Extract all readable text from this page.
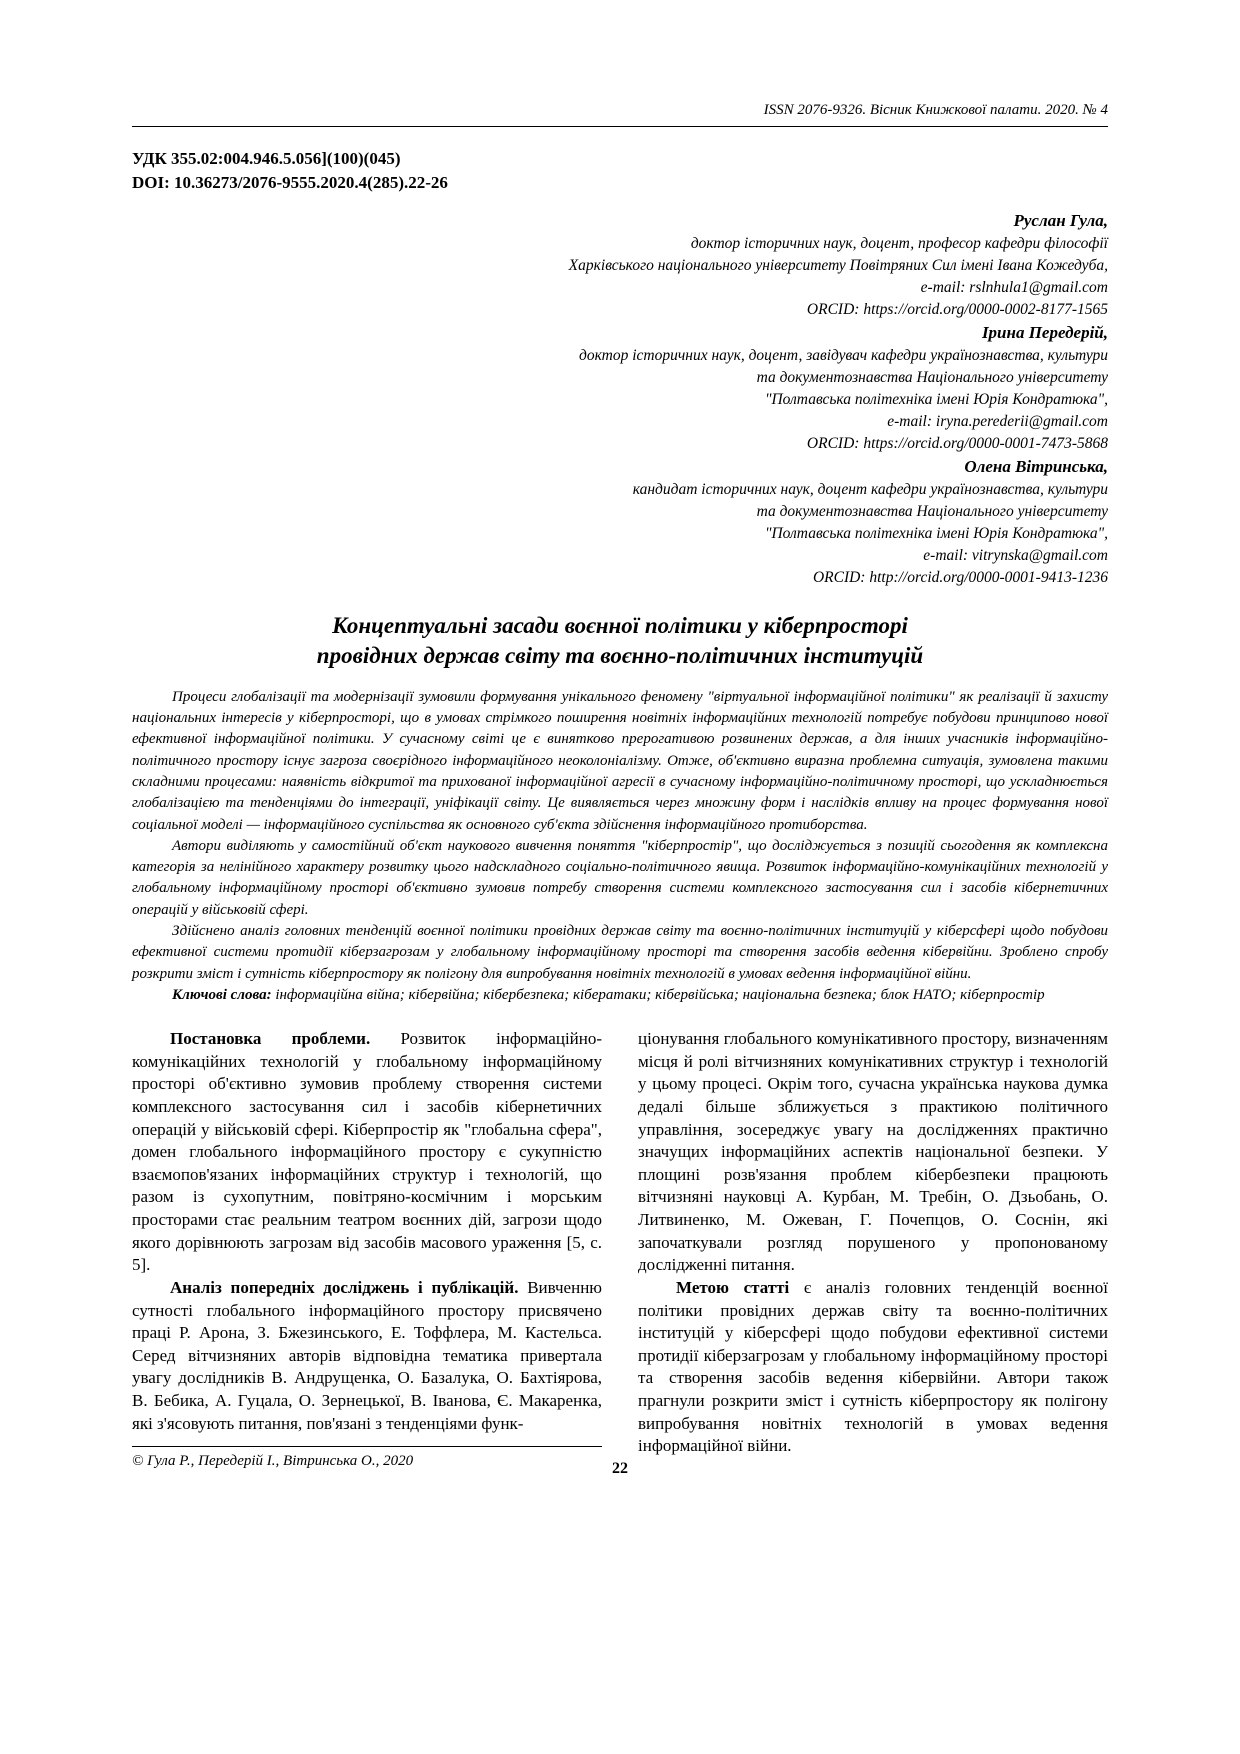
ISSN 2076-9326. Вісник Книжкової палати. 2020. № 4
УДК 355.02:004.946.5.056](100)(045)
DOI: 10.36273/2076-9555.2020.4(285).22-26
Руслан Гула,
доктор історичних наук, доцент, професор кафедри філософії
Харківського національного університету Повітряних Сил імені Івана Кожедуба,
e-mail: rslnhula1@gmail.com
ORCID: https://orcid.org/0000-0002-8177-1565
Ірина Передерій,
доктор історичних наук, доцент, завідувач кафедри українознавства, культури
та документознавства Національного університету
"Полтавська політехніка імені Юрія Кондратюка",
e-mail: iryna.perederii@gmail.com
ORCID: https://orcid.org/0000-0001-7473-5868
Олена Вітринська,
кандидат історичних наук, доцент кафедри українознавства, культури
та документознавства Національного університету
"Полтавська політехніка імені Юрія Кондратюка",
e-mail: vitrynska@gmail.com
ORCID: http://orcid.org/0000-0001-9413-1236
Концептуальні засади воєнної політики у кіберпросторі
провідних держав світу та воєнно-політичних інституцій

Процеси глобалізації та модернізації зумовили формування унікального феномену "віртуальної інформаційної політики" як реалізації й захисту національних інтересів у кіберпросторі, що в умовах стрімкого поширення новітніх інформаційних технологій потребує побудови принципово нової ефективної інформаційної політики. У сучасному світі це є винятково прерогативою розвинених держав, а для інших учасників інформаційно-політичного простору існує загроза своєрідного інформаційного неоколоніалізму. Отже, об'єктивно виразна проблемна ситуація, зумовлена такими складними процесами: наявність відкритої та прихованої інформаційної агресії в сучасному інформаційно-політичному просторі, що ускладнюється глобалізацією та тенденціями до інтеграції, уніфікації світу. Це виявляється через множину форм і наслідків впливу на процес формування нової соціальної моделі — інформаційного суспільства як основного суб'єкта здійснення інформаційного протиборства.

Автори виділяють у самостійний об'єкт наукового вивчення поняття "кіберпростір", що досліджується з позицій сьогодення як комплексна категорія за нелінійного характеру розвитку цього надскладного соціально-політичного явища. Розвиток інформаційно-комунікаційних технологій у глобальному інформаційному просторі об'єктивно зумовив потребу створення системи комплексного застосування сил і засобів кібернетичних операцій у військовій сфері.

Здійснено аналіз головних тенденцій воєнної політики провідних держав світу та воєнно-політичних інституцій у кіберсфері щодо побудови ефективної системи протидії кіберзагрозам у глобальному інформаційному просторі та створення засобів ведення кібервійни. Зроблено спробу розкрити зміст і сутність кіберпростору як полігону для випробування новітніх технологій в умовах ведення інформаційної війни.

Ключові слова: інформаційна війна; кібервійна; кібербезпека; кібератаки; кібервійська; національна безпека; блок НАТО; кіберпростір

Постановка проблеми. Розвиток інформаційно-комунікаційних технологій у глобальному інформаційному просторі об'єктивно зумовив проблему створення системи комплексного застосування сил і засобів кібернетичних операцій у військовій сфері. Кіберпростір як "глобальна сфера", домен глобального інформаційного простору є сукупністю взаємопов'язаних інформаційних структур і технологій, що разом із сухопутним, повітряно-космічним і морським просторами стає реальним театром воєнних дій, загрози щодо якого дорівнюють загрозам від засобів масового ураження [5, с. 5].

Аналіз попередніх досліджень і публікацій. Вивченню сутності глобального інформаційного простору присвячено праці Р. Арона, З. Бжезинського, Е. Тоффлера, М. Кастельса. Серед вітчизняних авторів відповідна тематика привертала увагу дослідників В. Андрущенка, О. Базалука, О. Бахтіярова, В. Бебика, А. Гуцала, О. Зернецької, В. Іванова, Є. Макаренка, які з'ясовують питання, пов'язані з тенденціями функ-

ціонування глобального комунікативного простору, визначенням місця й ролі вітчизняних комунікативних структур і технологій у цьому процесі. Окрім того, сучасна українська наукова думка дедалі більше зближується з практикою політичного управління, зосереджує увагу на дослідженнях практично значущих інформаційних аспектів національної безпеки. У площині розв'язання проблем кібербезпеки працюють вітчизняні науковці А. Курбан, М. Требін, О. Дзьобань, О. Литвиненко, М. Ожеван, Г. Почепцов, О. Соснін, які започаткували розгляд порушеного у пропонованому дослідженні питання.

Метою статті є аналіз головних тенденцій воєнної політики провідних держав світу та воєнно-політичних інституцій у кіберсфері щодо побудови ефективної системи протидії кіберзагрозам у глобальному інформаційному просторі та створення засобів ведення кібервійни. Автори також прагнули розкрити зміст і сутність кіберпростору як полігону випробування новітніх технологій в умовах ведення інформаційної війни.

© Гула Р., Передерій І., Вітринська О., 2020	22
